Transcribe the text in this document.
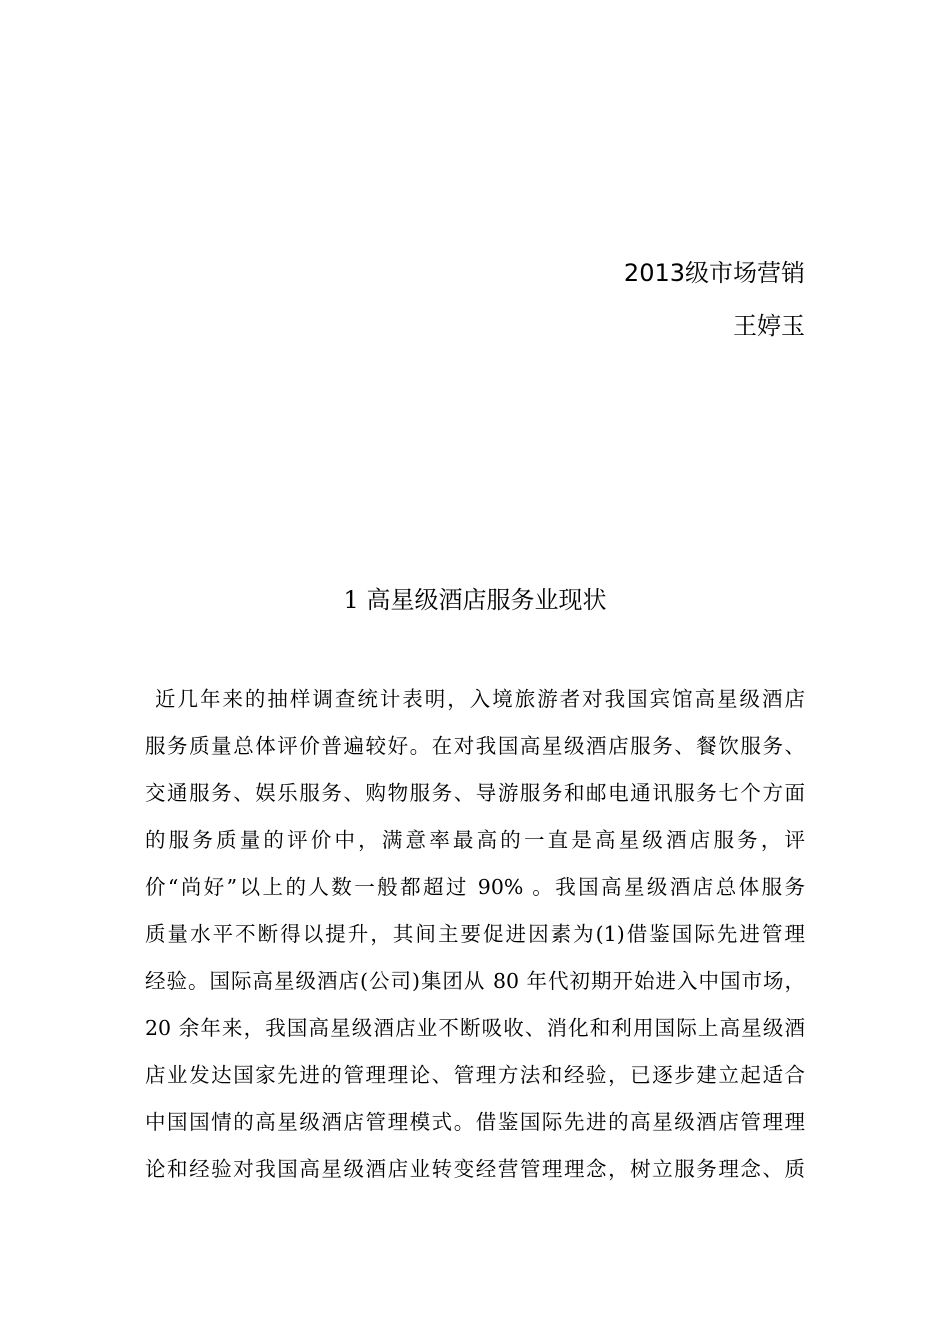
2013级市场营销
王婷玉
1 高星级酒店服务业现状
近几年来的抽样调查统计表明，入境旅游者对我国宾馆高星级酒店
服务质量总体评价普遍较好。在对我国高星级酒店服务、餐饮服务、
交通服务、娱乐服务、购物服务、导游服务和邮电通讯服务七个方面
的服务质量的评价中，满意率最高的一直是高星级酒店服务，评
价“尚好”以上的人数一般都超过 90% 。我国高星级酒店总体服务
质量水平不断得以提升，其间主要促进因素为(1)借鉴国际先进管理
经验。国际高星级酒店(公司)集团从 80 年代初期开始进入中国市场，
20 余年来，我国高星级酒店业不断吸收、消化和利用国际上高星级酒
店业发达国家先进的管理理论、管理方法和经验，已逐步建立起适合
中国国情的高星级酒店管理模式。借鉴国际先进的高星级酒店管理理
论和经验对我国高星级酒店业转变经营管理理念，树立服务理念、质
